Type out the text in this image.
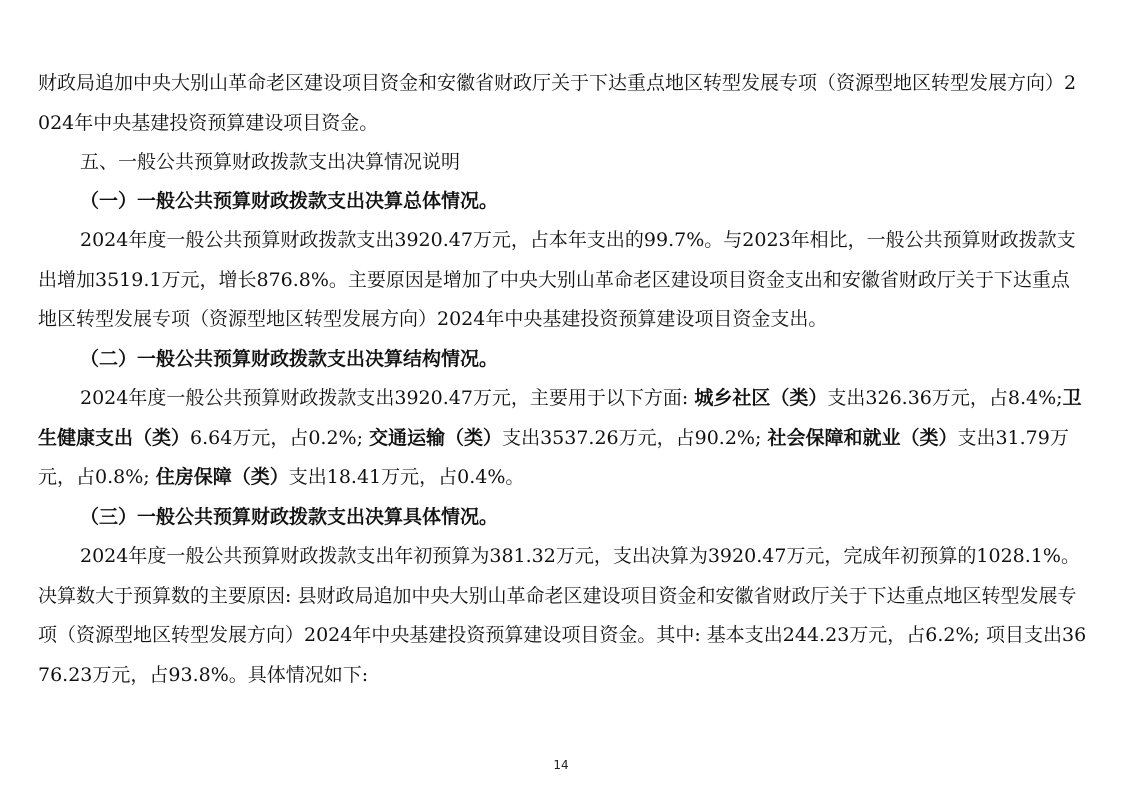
财政局追加中央大别山革命老区建设项目资金和安徽省财政厅关于下达重点地区转型发展专项（资源型地区转型发展方向）2024年中央基建投资预算建设项目资金。

五、一般公共预算财政拨款支出决算情况说明

（一）一般公共预算财政拨款支出决算总体情况。

2024年度一般公共预算财政拨款支出3920.47万元，占本年支出的99.7%。与2023年相比，一般公共预算财政拨款支出增加3519.1万元，增长876.8%。主要原因是增加了中央大别山革命老区建设项目资金支出和安徽省财政厅关于下达重点地区转型发展专项（资源型地区转型发展方向）2024年中央基建投资预算建设项目资金支出。

（二）一般公共预算财政拨款支出决算结构情况。

2024年度一般公共预算财政拨款支出3920.47万元，主要用于以下方面: 城乡社区（类）支出326.36万元，占8.4%;卫生健康支出（类）6.64万元，占0.2%; 交通运输（类）支出3537.26万元，占90.2%; 社会保障和就业（类）支出31.79万元，占0.8%; 住房保障（类）支出18.41万元，占0.4%。

（三）一般公共预算财政拨款支出决算具体情况。

2024年度一般公共预算财政拨款支出年初预算为381.32万元，支出决算为3920.47万元，完成年初预算的1028.1%。决算数大于预算数的主要原因: 县财政局追加中央大别山革命老区建设项目资金和安徽省财政厅关于下达重点地区转型发展专项（资源型地区转型发展方向）2024年中央基建投资预算建设项目资金。其中: 基本支出244.23万元，占6.2%; 项目支出3676.23万元，占93.8%。具体情况如下:

14
